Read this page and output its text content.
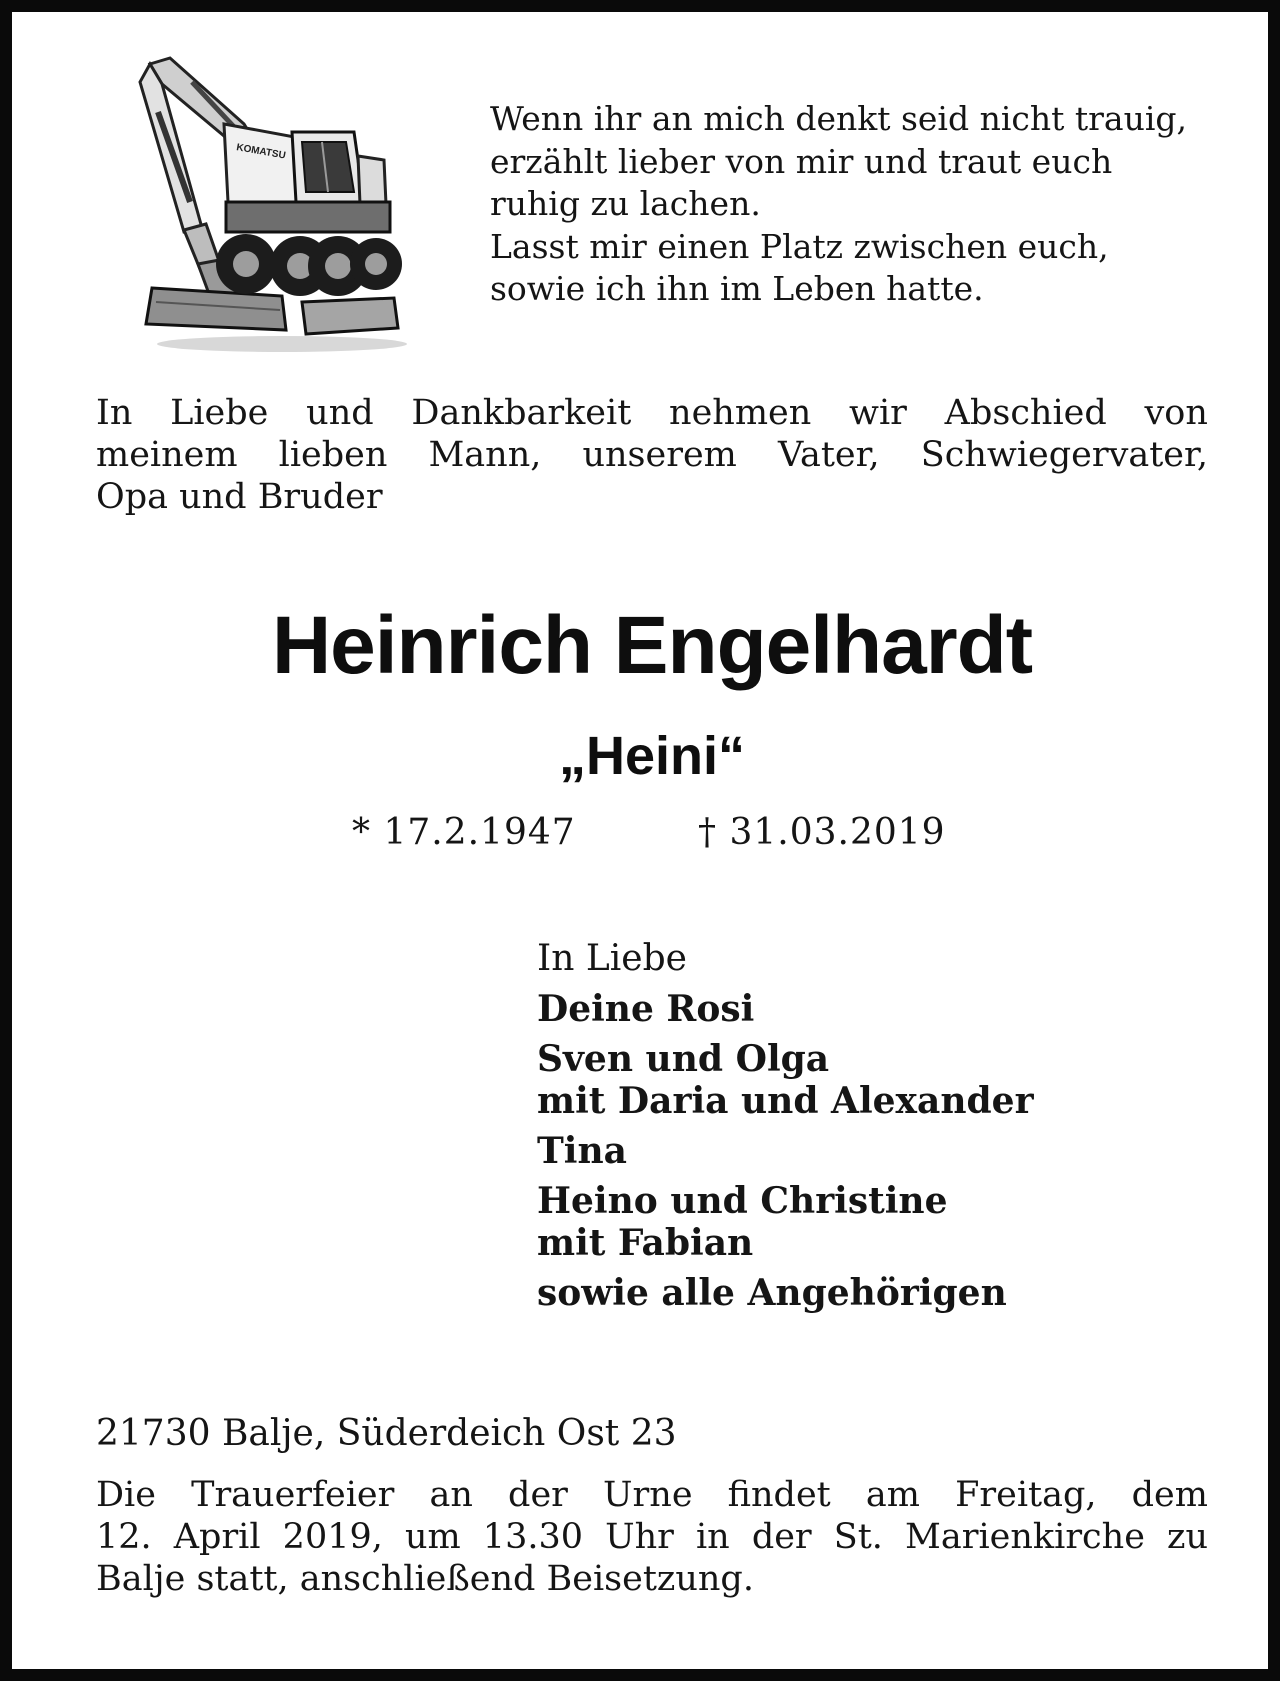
KOMATSU
Wenn ihr an mich denkt seid nicht trauig,
erzählt lieber von mir und traut euch
ruhig zu lachen.
Lasst mir einen Platz zwischen euch,
sowie ich ihn im Leben hatte.
In Liebe und Dankbarkeit nehmen wir Abschied von
meinem lieben Mann, unserem Vater, Schwiegervater,
Opa und Bruder
Heinrich Engelhardt
„Heini“
* 17.2.1947	† 31.03.2019
In Liebe
Deine Rosi
Sven und Olga
mit Daria und Alexander
Tina
Heino und Christine
mit Fabian
sowie alle Angehörigen
21730 Balje, Süderdeich Ost 23
Die Trauerfeier an der Urne findet am Freitag, dem
12. April 2019, um 13.30 Uhr in der St. Marienkirche zu
Balje statt, anschließend Beisetzung.
